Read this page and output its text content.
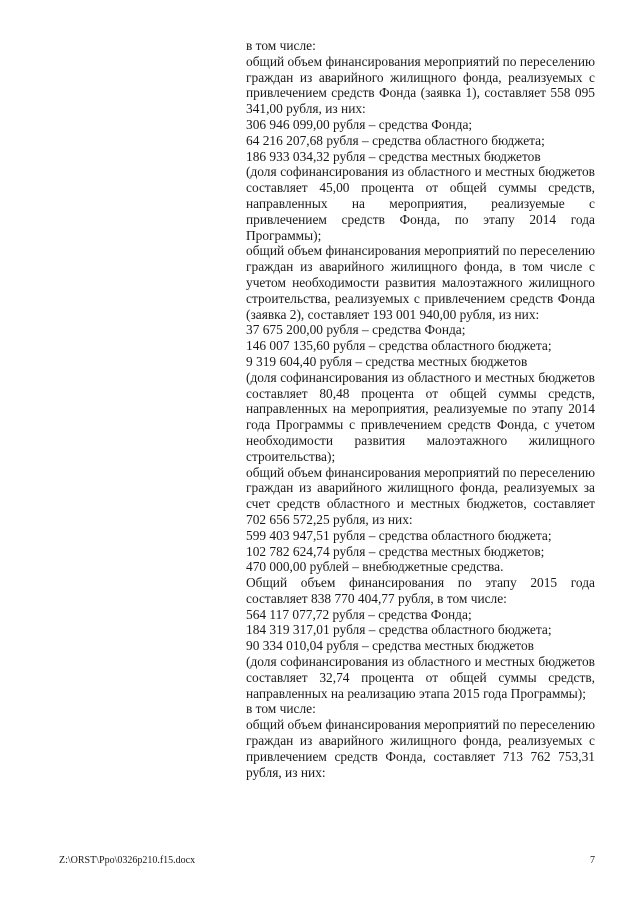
в том числе:

общий объем финансирования мероприятий по переселению граждан из аварийного жилищного фонда, реализуемых с привлечением средств Фонда (заявка 1), составляет 558 095 341,00 рубля, из них:

306 946 099,00 рубля – средства Фонда;

64 216 207,68 рубля – средства областного бюджета;

186 933 034,32 рубля – средства местных бюджетов

(доля софинансирования из областного и местных бюджетов составляет 45,00 процента от общей суммы средств, направленных на мероприятия, реализуемые с привлечением средств Фонда, по этапу 2014 года Программы);

общий объем финансирования мероприятий по переселению граждан из аварийного жилищного фонда, в том числе с учетом необходимости развития малоэтажного жилищного строительства, реализуемых с привлечением средств Фонда (заявка 2), составляет 193 001 940,00 рубля, из них:

37 675 200,00 рубля – средства Фонда;

146 007 135,60 рубля – средства областного бюджета;

9 319 604,40 рубля – средства местных бюджетов

(доля софинансирования из областного и местных бюджетов составляет 80,48 процента от общей суммы средств, направленных на мероприятия, реализуемые по этапу 2014 года Программы с привлечением средств Фонда, с учетом необходимости развития малоэтажного жилищного строительства);

общий объем финансирования мероприятий по переселению граждан из аварийного жилищного фонда, реализуемых за счет средств областного и местных бюджетов, составляет 702 656 572,25 рубля, из них:

599 403 947,51 рубля – средства областного бюджета;

102 782 624,74 рубля – средства местных бюджетов;

470 000,00 рублей – внебюджетные средства.

Общий объем финансирования по этапу 2015 года составляет 838 770 404,77 рубля, в том числе:

564 117 077,72 рубля – средства Фонда;

184 319 317,01 рубля – средства областного бюджета;

90 334 010,04 рубля – средства местных бюджетов

(доля софинансирования из областного и местных бюджетов составляет 32,74 процента от общей суммы средств, направленных на реализацию этапа 2015 года Программы);

в том числе:

общий объем финансирования мероприятий по переселению граждан из аварийного жилищного фонда, реализуемых с привлечением средств Фонда, составляет 713 762 753,31 рубля, из них:

Z:\ORST\Ppo\0326p210.f15.docx	7
